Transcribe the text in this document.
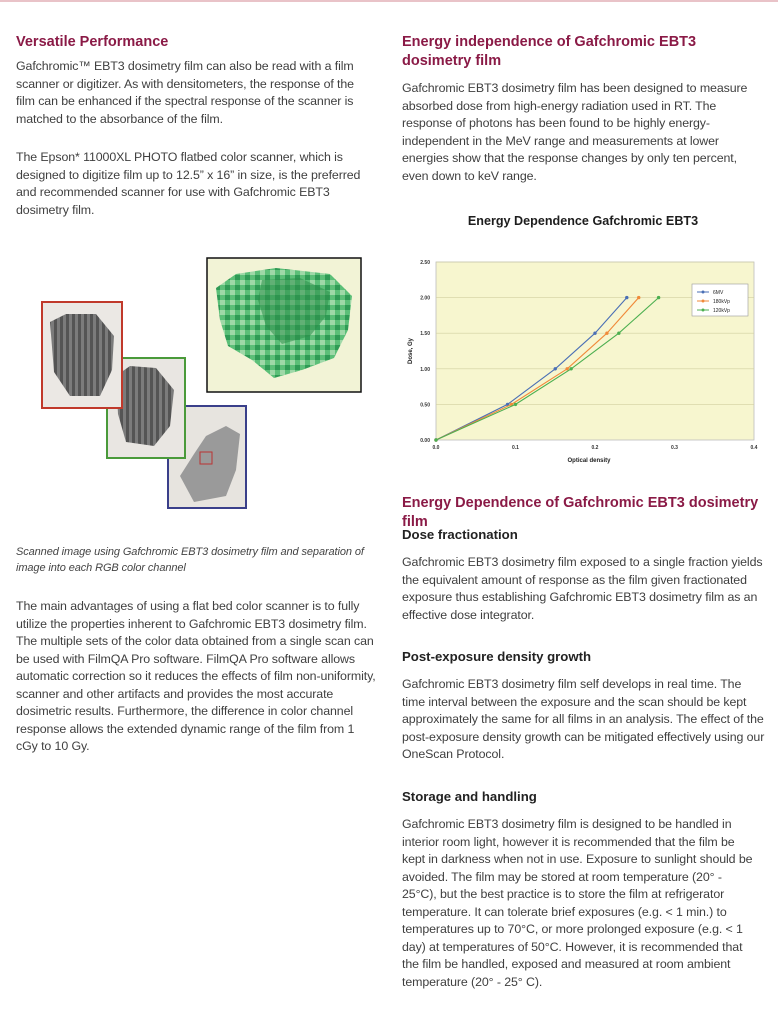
Versatile Performance

Gafchromic™ EBT3 dosimetry film can also be read with a film scanner or digitizer. As with densitometers, the response of the film can be enhanced if the spectral response of the scanner is matched to the absorbance of the film.

The Epson* 11000XL PHOTO flatbed color scanner, which is designed to digitize film up to 12.5” x 16” in size, is the preferred and recommended scanner for use with Gafchromic EBT3 dosimetry film.

Scanned image using Gafchromic EBT3 dosimetry film and separation of image into each RGB color channel

The main advantages of using a flat bed color scanner is to fully utilize the properties inherent to Gafchromic EBT3 dosimetry film. The multiple sets of the color data obtained from a single scan can be used with FilmQA Pro software. FilmQA Pro software allows automatic correction so it reduces the effects of film non-uniformity, scanner and other artifacts and provides the most accurate dosimetric results. Furthermore, the difference in color channel response allows the extended dynamic range of the film from 1 cGy to 10 Gy.

Energy independence of Gafchromic EBT3 dosimetry film

Gafchromic EBT3 dosimetry film has been designed to measure absorbed dose from high-energy radiation used in RT. The response of photons has been found to be highly energy-independent in the MeV range and measurements at lower energies show that the response changes by only ten percent, even down to keV range.

Energy Dependence Gafchromic EBT3
0.00
0.50
1.00
1.50
2.00
2.50
0.0	0.1	0.2	0.3	0.4
Optical density
Dose, Gy
6MV
180kVp
120kVp
Energy Dependence of Gafchromic EBT3 dosimetry film
Dose fractionation

Gafchromic EBT3 dosimetry film exposed to a single fraction yields the equivalent amount of response as the film given fractionated exposure thus establishing Gafchromic EBT3 dosimetry film as an effective dose integrator.

Post-exposure density growth

Gafchromic EBT3 dosimetry film self develops in real time. The time interval between the exposure and the scan should be kept approximately the same for all films in an analysis. The effect of the post-exposure density growth can be mitigated effectively using our OneScan Protocol.

Storage and handling

Gafchromic EBT3 dosimetry film is designed to be handled in interior room light, however it is recommended that the film be kept in darkness when not in use. Exposure to sunlight should be avoided. The film may be stored at room temperature (20° - 25°C), but the best practice is to store the film at refrigerator temperature. It can tolerate brief exposures (e.g. < 1 min.) to temperatures up to 70°C, or more prolonged exposure (e.g. < 1 day) at temperatures of 50°C. However, it is recommended that the film be handled, exposed and measured at room ambient temperature (20° - 25° C).
